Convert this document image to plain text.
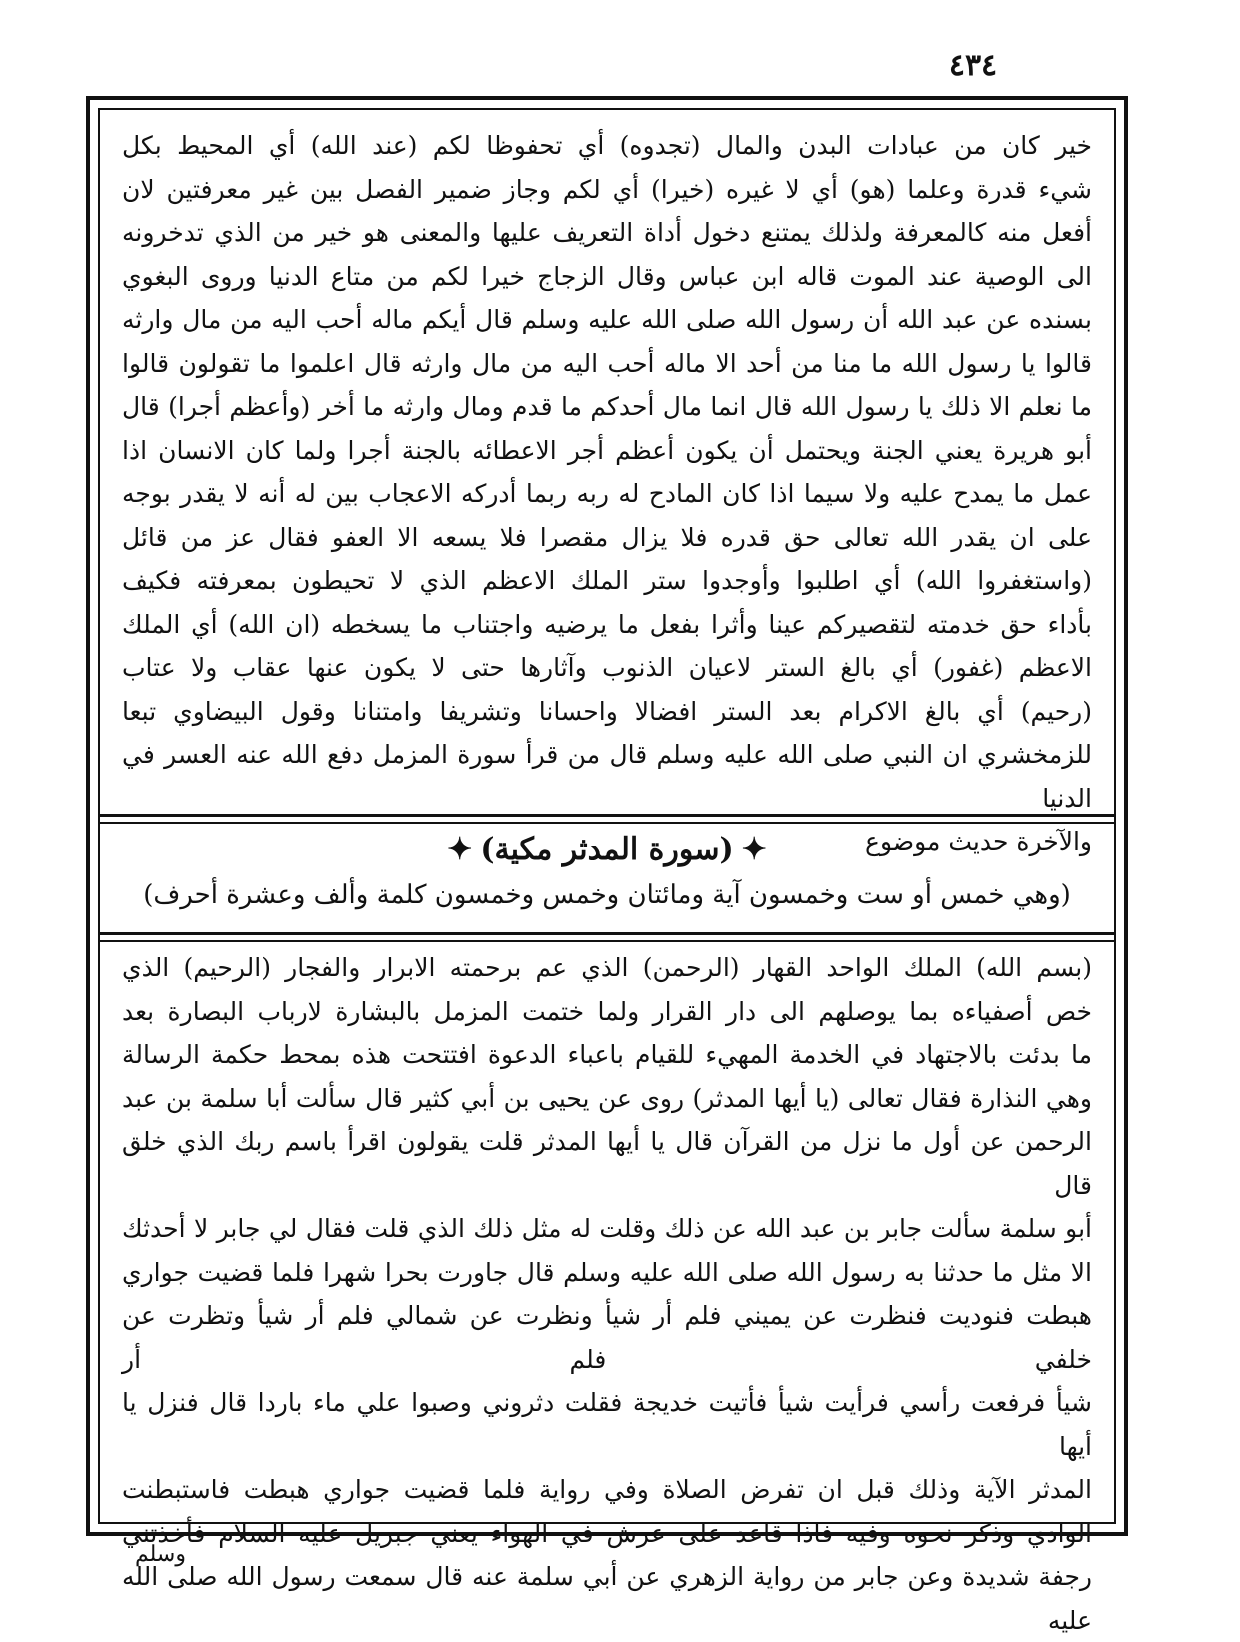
٤٣٤

خير كان من عبادات البدن والمال (تجدوه) أي تحفوظا لكم (عند الله) أي المحيط بكل

شيء قدرة وعلما (هو) أي لا غيره (خيرا) أي لكم وجاز ضمير الفصل بين غير معرفتين لان

أفعل منه كالمعرفة ولذلك يمتنع دخول أداة التعريف عليها والمعنى هو خير من الذي تدخرونه

الى الوصية عند الموت قاله ابن عباس وقال الزجاج خيرا لكم من متاع الدنيا وروى البغوي

بسنده عن عبد الله أن رسول الله صلى الله عليه وسلم قال أيكم ماله أحب اليه من مال وارثه

قالوا يا رسول الله ما منا من أحد الا ماله أحب اليه من مال وارثه قال اعلموا ما تقولون قالوا

ما نعلم الا ذلك يا رسول الله قال انما مال أحدكم ما قدم ومال وارثه ما أخر (وأعظم أجرا) قال

أبو هريرة يعني الجنة ويحتمل أن يكون أعظم أجر الاعطائه بالجنة أجرا ولما كان الانسان اذا

عمل ما يمدح عليه ولا سيما اذا كان المادح له ربه ربما أدركه الاعجاب بين له أنه لا يقدر بوجه

على ان يقدر الله تعالى حق قدره فلا يزال مقصرا فلا يسعه الا العفو فقال عز من قائل

(واستغفروا الله) أي اطلبوا وأوجدوا ستر الملك الاعظم الذي لا تحيطون بمعرفته فكيف

بأداء حق خدمته لتقصيركم عينا وأثرا بفعل ما يرضيه واجتناب ما يسخطه (ان الله) أي الملك

الاعظم (غفور) أي بالغ الستر لاعيان الذنوب وآثارها حتى لا يكون عنها عقاب ولا عتاب

(رحيم) أي بالغ الاكرام بعد الستر افضالا واحسانا وتشريفا وامتنانا وقول البيضاوي تبعا

للزمخشري ان النبي صلى الله عليه وسلم قال من قرأ سورة المزمل دفع الله عنه العسر في الدنيا

والآخرة حديث موضوع

✦(سورة المدثر مكية)✦
(وهي خمس أو ست وخمسون آية ومائتان وخمس وخمسون كلمة وألف وعشرة أحرف)

(بسم الله) الملك الواحد القهار (الرحمن) الذي عم برحمته الابرار والفجار (الرحيم) الذي

خص أصفياءه بما يوصلهم الى دار القرار ولما ختمت المزمل بالبشارة لارباب البصارة بعد

ما بدئت بالاجتهاد في الخدمة المهيء للقيام باعباء الدعوة افتتحت هذه بمحط حكمة الرسالة

وهي النذارة فقال تعالى (يا أيها المدثر) روى عن يحيى بن أبي كثير قال سألت أبا سلمة بن عبد

الرحمن عن أول ما نزل من القرآن قال يا أيها المدثر قلت يقولون اقرأ باسم ربك الذي خلق قال

أبو سلمة سألت جابر بن عبد الله عن ذلك وقلت له مثل ذلك الذي قلت فقال لي جابر لا أحدثك

الا مثل ما حدثنا به رسول الله صلى الله عليه وسلم قال جاورت بحرا شهرا فلما قضيت جواري

هبطت فنوديت فنظرت عن يميني فلم أر شيأ ونظرت عن شمالي فلم أر شيأ وتظرت عن خلفي فلم أر

شيأ فرفعت رأسي فرأيت شيأ فأتيت خديجة فقلت دثروني وصبوا علي ماء باردا قال فنزل يا أيها

المدثر الآية وذلك قبل ان تفرض الصلاة وفي رواية فلما قضيت جواري هبطت فاستبطنت

الوادي وذكر نحوه وفيه فاذا قاعد على عرش في الهواء يعني جبريل عليه السلام فأخذتني

رجفة شديدة وعن جابر من رواية الزهري عن أبي سلمة عنه قال سمعت رسول الله صلى الله عليه

وسلم
